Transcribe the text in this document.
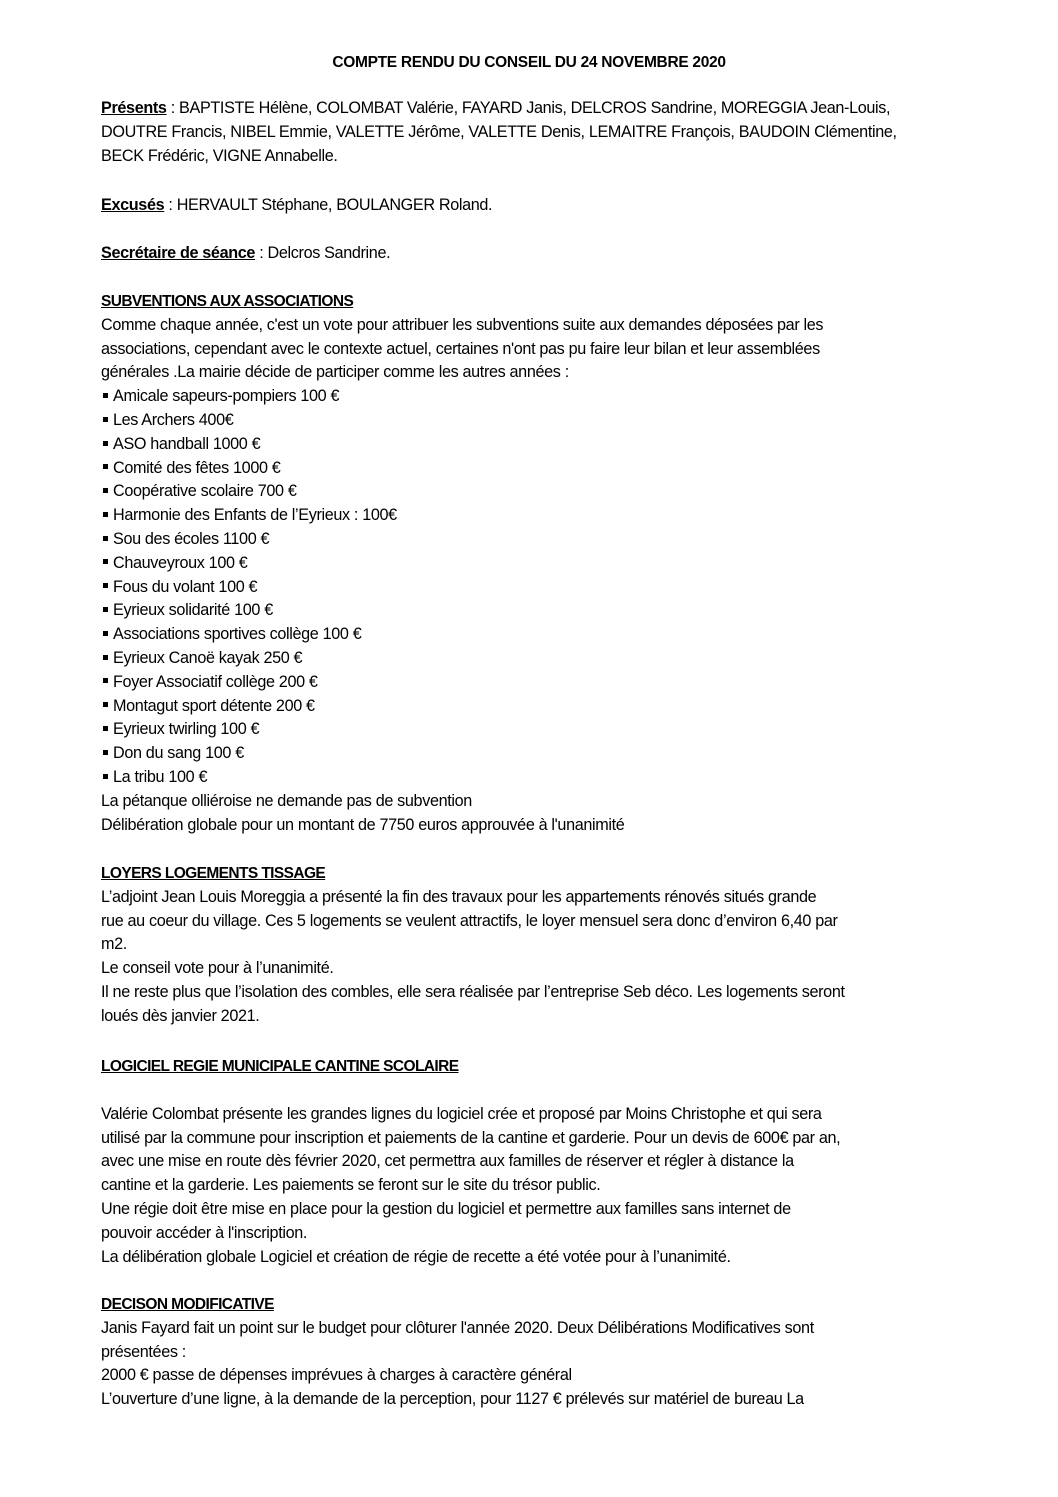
COMPTE RENDU DU CONSEIL DU 24 NOVEMBRE 2020
Présents : BAPTISTE Hélène, COLOMBAT Valérie, FAYARD Janis, DELCROS Sandrine, MOREGGIA Jean-Louis,
DOUTRE Francis, NIBEL Emmie, VALETTE Jérôme, VALETTE Denis, LEMAITRE François, BAUDOIN Clémentine,
BECK Frédéric, VIGNE Annabelle.
Excusés : HERVAULT Stéphane, BOULANGER Roland.
Secrétaire de séance : Delcros Sandrine.
SUBVENTIONS AUX ASSOCIATIONS
Comme chaque année, c'est un vote pour attribuer les subventions suite aux demandes déposées par les
associations, cependant avec le contexte actuel, certaines n'ont pas pu faire leur bilan et leur assemblées
générales .La mairie décide de participer comme les autres années :
Amicale sapeurs-pompiers 100 €
Les Archers 400€
ASO handball 1000 €
Comité des fêtes 1000 €
Coopérative scolaire 700 €
Harmonie des Enfants de l’Eyrieux : 100€
Sou des écoles 1100 €
Chauveyroux 100 €
Fous du volant 100 €
Eyrieux solidarité 100 €
Associations sportives collège 100 €
Eyrieux Canoë kayak 250 €
Foyer Associatif collège 200 €
Montagut sport détente 200 €
Eyrieux twirling 100 €
Don du sang 100 €
La tribu 100 €
La pétanque olliéroise ne demande pas de subvention
Délibération globale pour un montant de 7750 euros approuvée à l'unanimité
LOYERS LOGEMENTS TISSAGE
L’adjoint Jean Louis Moreggia a présenté la fin des travaux pour les appartements rénovés situés grande
rue au coeur du village. Ces 5 logements se veulent attractifs, le loyer mensuel sera donc d’environ 6,40 par
m2.
Le conseil vote pour à l’unanimité.
Il ne reste plus que l’isolation des combles, elle sera réalisée par l’entreprise Seb déco. Les logements seront
loués dès janvier 2021.
LOGICIEL REGIE MUNICIPALE CANTINE SCOLAIRE
Valérie Colombat présente les grandes lignes du logiciel crée et proposé par Moins Christophe et qui sera
utilisé par la commune pour inscription et paiements de la cantine et garderie. Pour un devis de 600€ par an,
avec une mise en route dès février 2020, cet permettra aux familles de réserver et régler à distance la
cantine et la garderie. Les paiements se feront sur le site du trésor public.
Une régie doit être mise en place pour la gestion du logiciel et permettre aux familles sans internet de
pouvoir accéder à l'inscription.
La délibération globale Logiciel et création de régie de recette a été votée pour à l’unanimité.
DECISON MODIFICATIVE
Janis Fayard fait un point sur le budget pour clôturer l'année 2020. Deux Délibérations Modificatives sont
présentées :
2000 € passe de dépenses imprévues à charges à caractère général
L’ouverture d’une ligne, à la demande de la perception, pour 1127 € prélevés sur matériel de bureau La
